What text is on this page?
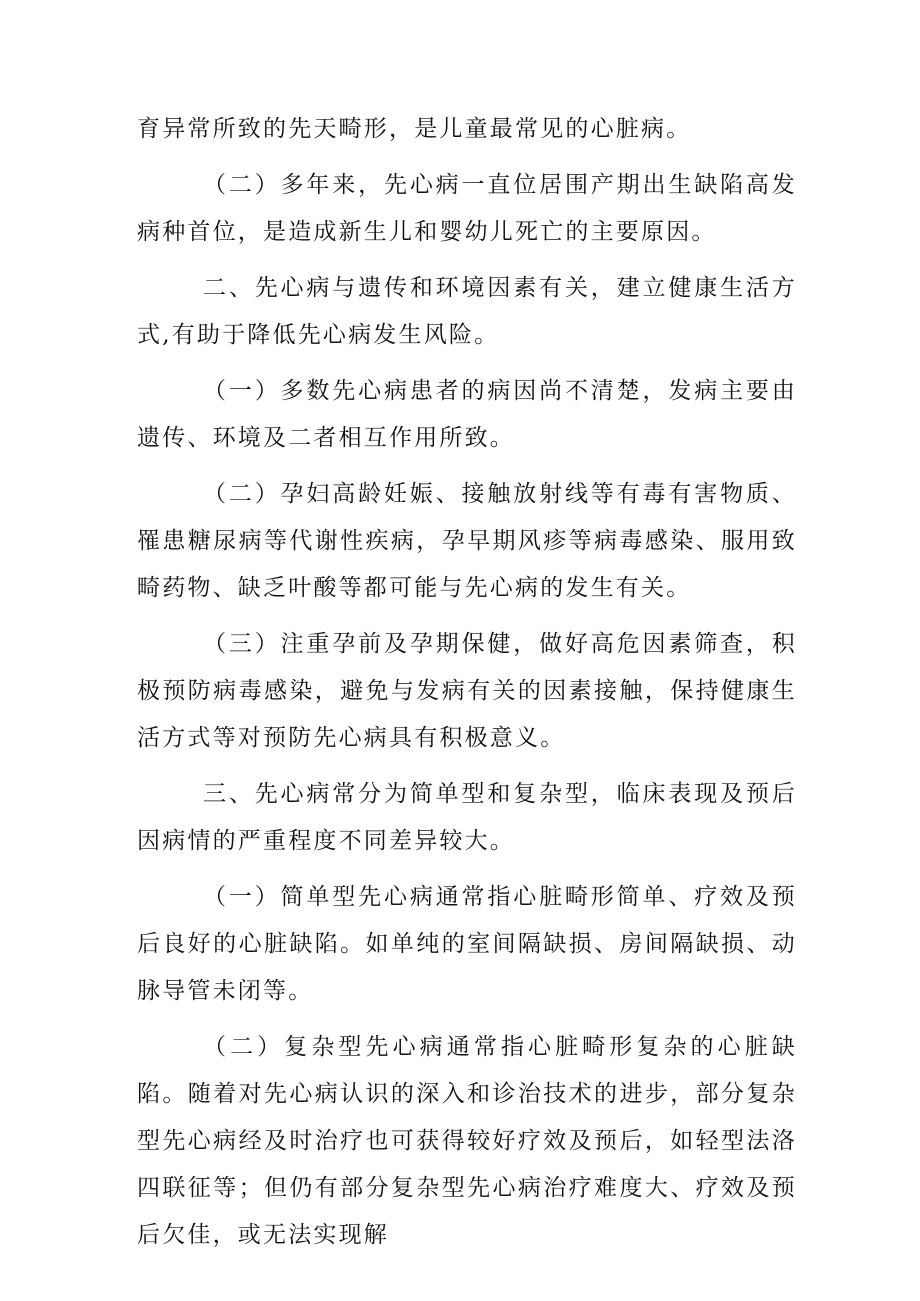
育异常所致的先天畸形，是儿童最常见的心脏病。

（二）多年来，先心病一直位居围产期出生缺陷高发病种首位，是造成新生儿和婴幼儿死亡的主要原因。

二、先心病与遗传和环境因素有关，建立健康生活方式,有助于降低先心病发生风险。

（一）多数先心病患者的病因尚不清楚，发病主要由遗传、环境及二者相互作用所致。

（二）孕妇高龄妊娠、接触放射线等有毒有害物质、罹患糖尿病等代谢性疾病，孕早期风疹等病毒感染、服用致畸药物、缺乏叶酸等都可能与先心病的发生有关。

（三）注重孕前及孕期保健，做好高危因素筛查，积极预防病毒感染，避免与发病有关的因素接触，保持健康生活方式等对预防先心病具有积极意义。

三、先心病常分为简单型和复杂型，临床表现及预后因病情的严重程度不同差异较大。

（一）简单型先心病通常指心脏畸形简单、疗效及预后良好的心脏缺陷。如单纯的室间隔缺损、房间隔缺损、动脉导管未闭等。

（二）复杂型先心病通常指心脏畸形复杂的心脏缺陷。随着对先心病认识的深入和诊治技术的进步，部分复杂型先心病经及时治疗也可获得较好疗效及预后，如轻型法洛四联征等；但仍有部分复杂型先心病治疗难度大、疗效及预后欠佳，或无法实现解
